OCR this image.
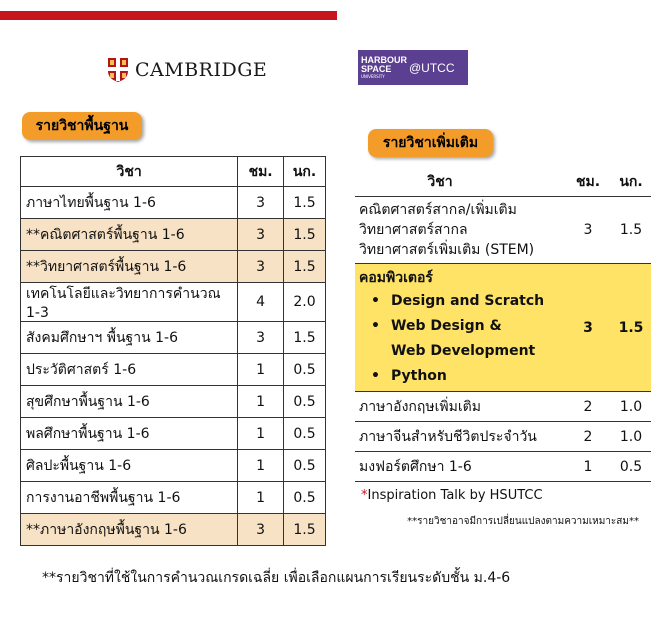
CAMBRIDGE	HARBOUR
SPACE
UNIVERSITY
@UTCC
รายวิชาพื้นฐาน
วิชา	ชม.	นก.
ภาษาไทยพื้นฐาน 1-6	3	1.5
**คณิตศาสตร์พื้นฐาน 1-6	3	1.5
**วิทยาศาสตร์พื้นฐาน 1-6	3	1.5
เทคโนโลยีและวิทยาการคำนวณ 1-3	4	2.0
สังคมศึกษาฯ พื้นฐาน 1-6	3	1.5
ประวัติศาสตร์ 1-6	1	0.5
สุขศึกษาพื้นฐาน 1-6	1	0.5
พลศึกษาพื้นฐาน 1-6	1	0.5
ศิลปะพื้นฐาน 1-6	1	0.5
การงานอาชีพพื้นฐาน 1-6	1	0.5
**ภาษาอังกฤษพื้นฐาน 1-6	3	1.5
รายวิชาเพิ่มเติม
วิชา	ชม.	นก.
คณิตศาสตร์สากล/เพิ่มเติม
วิทยาศาสตร์สากล
วิทยาศาสตร์เพิ่มเติม (STEM)
3	1.5
คอมพิวเตอร์
• Design and Scratch
• Web Design &
Web Development
• Python
3	1.5
ภาษาอังกฤษเพิ่มเติม	2	1.0
ภาษาจีนสำหรับชีวิตประจำวัน	2	1.0
มงฟอร์ตศึกษา 1-6	1	0.5
*Inspiration Talk by HSUTCC
**รายวิชาอาจมีการเปลี่ยนแปลงตามความเหมาะสม**
**รายวิชาที่ใช้ในการคำนวณเกรดเฉลี่ย เพื่อเลือกแผนการเรียนระดับชั้น ม.4-6
